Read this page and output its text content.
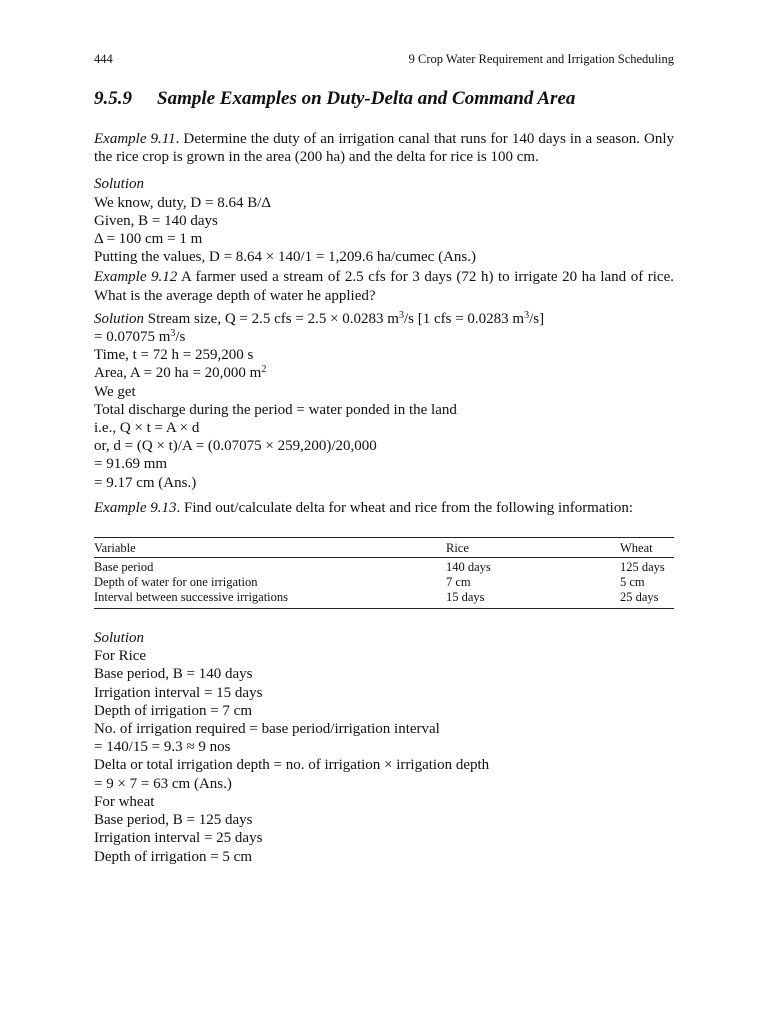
444	9 Crop Water Requirement and Irrigation Scheduling
9.5.9 Sample Examples on Duty-Delta and Command Area

Example 9.11. Determine the duty of an irrigation canal that runs for 140 days in a season. Only the rice crop is grown in the area (200 ha) and the delta for rice is 100 cm.

Solution

We know, duty, D = 8.64 B/Δ

Given, B = 140 days

Δ = 100 cm = 1 m

Putting the values, D = 8.64 × 140/1 = 1,209.6 ha/cumec (Ans.)

Example 9.12 A farmer used a stream of 2.5 cfs for 3 days (72 h) to irrigate 20 ha land of rice. What is the average depth of water he applied?

Solution Stream size, Q = 2.5 cfs = 2.5 × 0.0283 $m^3/s$ [1 cfs = 0.0283 $m^3/s$]

= 0.07075 $m^3/s$

Time, t = 72 h = 259,200 s

Area, A = 20 ha = 20,000 $m^2$

We get

Total discharge during the period = water ponded in the land

i.e., Q × t = A × d

or, d = (Q × t)/A = (0.07075 × 259,200)/20,000

= 91.69 mm

= 9.17 cm (Ans.)

Example 9.13. Find out/calculate delta for wheat and rice from the following information:

Variable	Rice	Wheat
Base period	140 days	125 days
Depth of water for one irrigation	7 cm	5 cm
Interval between successive irrigations	15 days	25 days

Solution

For Rice

Base period, B = 140 days

Irrigation interval = 15 days

Depth of irrigation = 7 cm

No. of irrigation required = base period/irrigation interval

= 140/15 = 9.3 ≈ 9 nos

Delta or total irrigation depth = no. of irrigation × irrigation depth

= 9 × 7 = 63 cm (Ans.)

For wheat

Base period, B = 125 days

Irrigation interval = 25 days

Depth of irrigation = 5 cm
